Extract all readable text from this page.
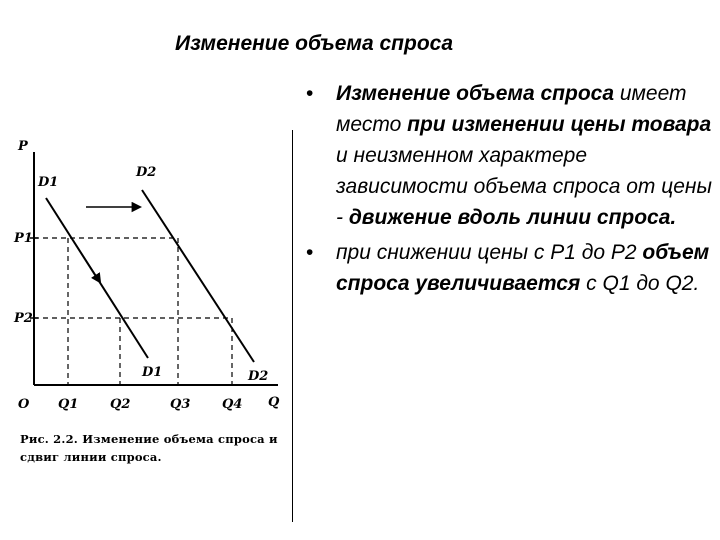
Изменение объема спроса
P
Q
O
P1
P2
Q1 Q2	Q3 Q4
D1
D2
D1	D2
Рис. 2.2. Изменение объема спроса и сдвиг линии спроса.
•	Изменение объема спроса имеет место при изменении цены товара и неизменном характере зависимости объема спроса от цены - движение вдоль линии спроса.
•	при снижении цены с Р1 до Р2 объем спроса увеличивается с Q1 до Q2.
